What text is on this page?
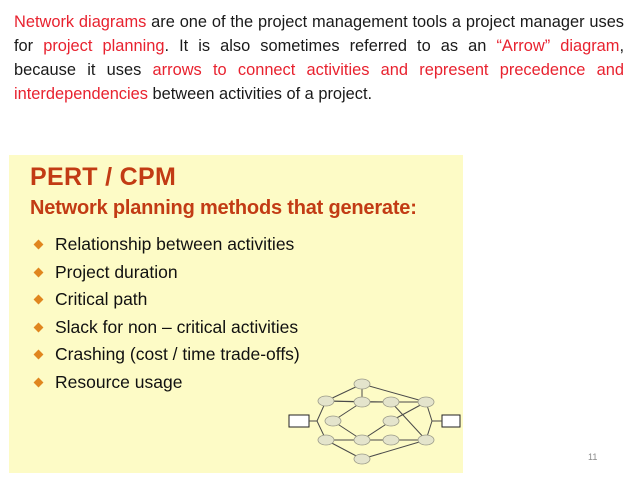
Network diagrams are one of the project management tools a project manager uses for project planning. It is also sometimes referred to as an “Arrow” diagram, because it uses arrows to connect activities and represent precedence and interdependencies between activities of a project.

PERT / CPM
Network planning methods that generate:
Relationship between activities
Project duration
Critical path
Slack for non – critical activities
Crashing (cost / time trade-offs)
Resource usage
11
